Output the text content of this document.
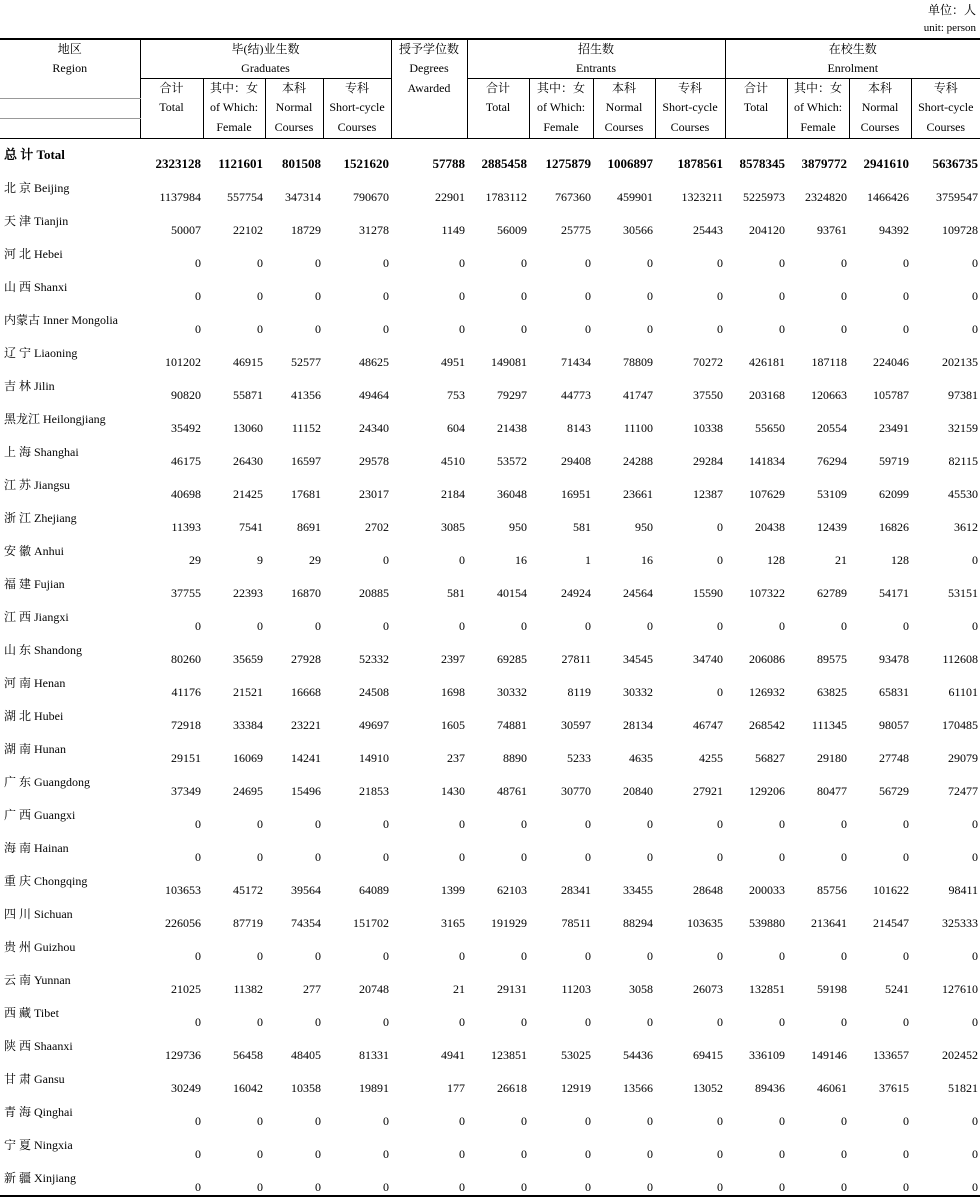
单位：人
unit: person
地区	毕(结)业生数				授予学位数	招生数				在校生数			
Region	Graduates				Degrees	Entrants				Enrolment			
	合计	其中：女	本科	专科	Awarded	合计	其中：女	本科	专科	合计	其中：女	本科	专科
	Total	of Which:	Normal	Short-cycle		Total	of Which:	Normal	Short-cycle	Total	of Which:	Normal	Short-cycle
		Female	Courses	Courses			Female	Courses	Courses		Female	Courses	Courses
总 计 Total	2323128	1121601	801508	1521620	57788	2885458	1275879	1006897	1878561	8578345	3879772	2941610	5636735
北 京 Beijing	1137984	557754	347314	790670	22901	1783112	767360	459901	1323211	5225973	2324820	1466426	3759547
天 津 Tianjin	50007	22102	18729	31278	1149	56009	25775	30566	25443	204120	93761	94392	109728
河 北 Hebei	0	0	0	0	0	0	0	0	0	0	0	0	0
山 西 Shanxi	0	0	0	0	0	0	0	0	0	0	0	0	0
内蒙古 Inner Mongolia	0	0	0	0	0	0	0	0	0	0	0	0	0
辽 宁 Liaoning	101202	46915	52577	48625	4951	149081	71434	78809	70272	426181	187118	224046	202135
吉 林 Jilin	90820	55871	41356	49464	753	79297	44773	41747	37550	203168	120663	105787	97381
黑龙江 Heilongjiang	35492	13060	11152	24340	604	21438	8143	11100	10338	55650	20554	23491	32159
上 海 Shanghai	46175	26430	16597	29578	4510	53572	29408	24288	29284	141834	76294	59719	82115
江 苏 Jiangsu	40698	21425	17681	23017	2184	36048	16951	23661	12387	107629	53109	62099	45530
浙 江 Zhejiang	11393	7541	8691	2702	3085	950	581	950	0	20438	12439	16826	3612
安 徽 Anhui	29	9	29	0	0	16	1	16	0	128	21	128	0
福 建 Fujian	37755	22393	16870	20885	581	40154	24924	24564	15590	107322	62789	54171	53151
江 西 Jiangxi	0	0	0	0	0	0	0	0	0	0	0	0	0
山 东 Shandong	80260	35659	27928	52332	2397	69285	27811	34545	34740	206086	89575	93478	112608
河 南 Henan	41176	21521	16668	24508	1698	30332	8119	30332	0	126932	63825	65831	61101
湖 北 Hubei	72918	33384	23221	49697	1605	74881	30597	28134	46747	268542	111345	98057	170485
湖 南 Hunan	29151	16069	14241	14910	237	8890	5233	4635	4255	56827	29180	27748	29079
广 东 Guangdong	37349	24695	15496	21853	1430	48761	30770	20840	27921	129206	80477	56729	72477
广 西 Guangxi	0	0	0	0	0	0	0	0	0	0	0	0	0
海 南 Hainan	0	0	0	0	0	0	0	0	0	0	0	0	0
重 庆 Chongqing	103653	45172	39564	64089	1399	62103	28341	33455	28648	200033	85756	101622	98411
四 川 Sichuan	226056	87719	74354	151702	3165	191929	78511	88294	103635	539880	213641	214547	325333
贵 州 Guizhou	0	0	0	0	0	0	0	0	0	0	0	0	0
云 南 Yunnan	21025	11382	277	20748	21	29131	11203	3058	26073	132851	59198	5241	127610
西 藏 Tibet	0	0	0	0	0	0	0	0	0	0	0	0	0
陕 西 Shaanxi	129736	56458	48405	81331	4941	123851	53025	54436	69415	336109	149146	133657	202452
甘 肃 Gansu	30249	16042	10358	19891	177	26618	12919	13566	13052	89436	46061	37615	51821
青 海 Qinghai	0	0	0	0	0	0	0	0	0	0	0	0	0
宁 夏 Ningxia	0	0	0	0	0	0	0	0	0	0	0	0	0
新 疆 Xinjiang	0	0	0	0	0	0	0	0	0	0	0	0	0
